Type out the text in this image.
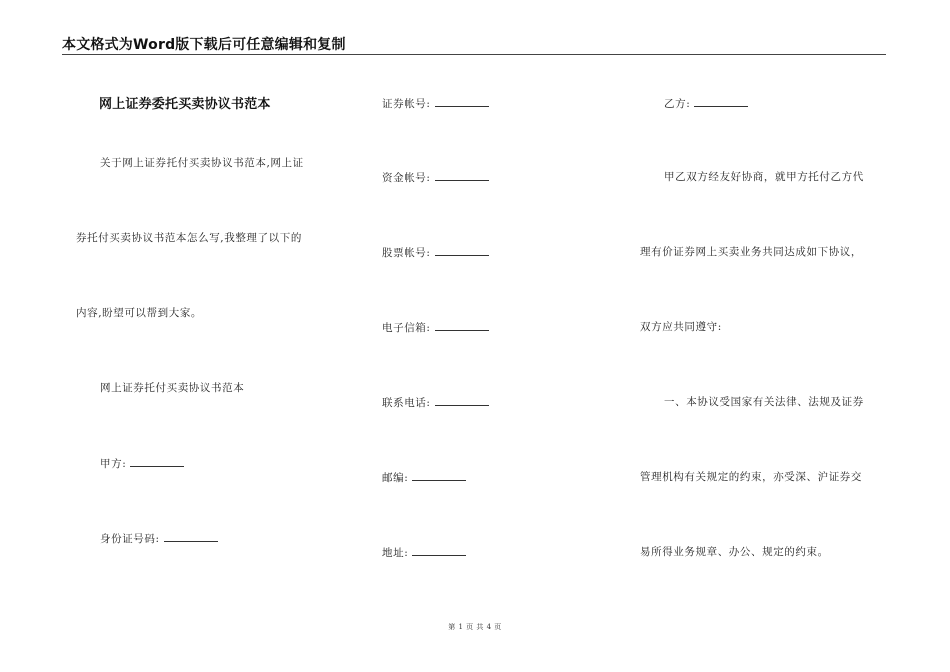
本文格式为Word版下载后可任意编辑和复制
网上证券委托买卖协议书范本
关于网上证券托付买卖协议书范本,网上证
券托付买卖协议书范本怎么写,我整理了以下的
内容,盼望可以帮到大家。
网上证券托付买卖协议书范本
甲方:
身份证号码:
证券帐号:
资金帐号:
股票帐号:
电子信箱:
联系电话:
邮编:
地址:
乙方:
甲乙双方经友好协商，就甲方托付乙方代
理有价证券网上买卖业务共同达成如下协议，
双方应共同遵守:
一、本协议受国家有关法律、法规及证券
管理机构有关规定的约束，亦受深、沪证券交
易所得业务规章、办公、规定的约束。
第 1 页 共 4 页
